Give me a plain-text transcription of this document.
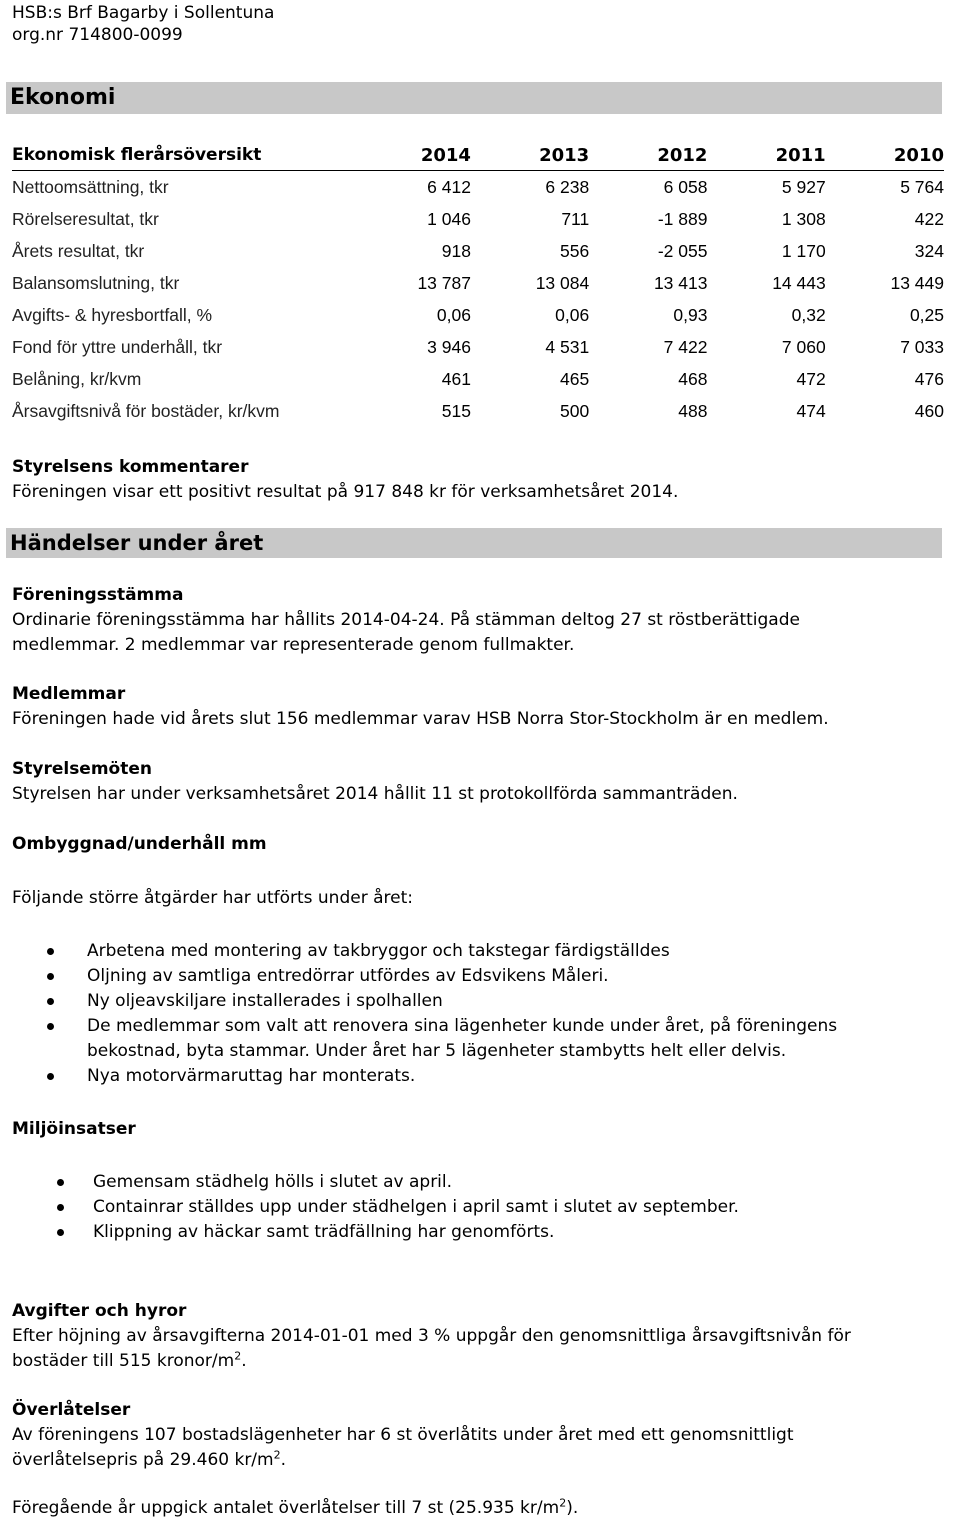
HSB:s Brf Bagarby i Sollentuna
org.nr 714800-0099
Ekonomi
Ekonomisk flerårsöversikt	2014	2013	2012	2011	2010
Nettoomsättning, tkr	6 412	6 238	6 058	5 927	5 764
Rörelseresultat, tkr	1 046	711	-1 889	1 308	422
Årets resultat, tkr	918	556	-2 055	1 170	324
Balansomslutning, tkr	13 787	13 084	13 413	14 443	13 449
Avgifts- & hyresbortfall, %	0,06	0,06	0,93	0,32	0,25
Fond för yttre underhåll, tkr	3 946	4 531	7 422	7 060	7 033
Belåning, kr/kvm	461	465	468	472	476
Årsavgiftsnivå för bostäder, kr/kvm	515	500	488	474	460
Styrelsens kommentarer
Föreningen visar ett positivt resultat på 917 848 kr för verksamhetsåret 2014.
Händelser under året
Föreningsstämma
Ordinarie föreningsstämma har hållits 2014-04-24. På stämman deltog 27 st röstberättigade
medlemmar. 2 medlemmar var representerade genom fullmakter.
Medlemmar
Föreningen hade vid årets slut 156 medlemmar varav HSB Norra Stor-Stockholm är en medlem.
Styrelsemöten
Styrelsen har under verksamhetsåret 2014 hållit 11 st protokollförda sammanträden.
Ombyggnad/underhåll mm
Följande större åtgärder har utförts under året:
Arbetena med montering av takbryggor och takstegar färdigställdes
Oljning av samtliga entredörrar utfördes av Edsvikens Måleri.
Ny oljeavskiljare installerades i spolhallen
De medlemmar som valt att renovera sina lägenheter kunde under året, på föreningens
bekostnad, byta stammar. Under året har 5 lägenheter stambytts helt eller delvis.
Nya motorvärmaruttag har monterats.
Miljöinsatser
Gemensam städhelg hölls i slutet av april.
Containrar ställdes upp under städhelgen i april samt i slutet av september.
Klippning av häckar samt trädfällning har genomförts.
Avgifter och hyror
Efter höjning av årsavgifterna 2014-01-01 med 3 % uppgår den genomsnittliga årsavgiftsnivån för
bostäder till 515 kronor/$m^2$.
Överlåtelser
Av föreningens 107 bostadslägenheter har 6 st överlåtits under året med ett genomsnittligt
överlåtelsepris på 29.460 $kr/m^2$.
Föregående år uppgick antalet överlåtelser till 7 st (25.935 $kr/m^2$).
